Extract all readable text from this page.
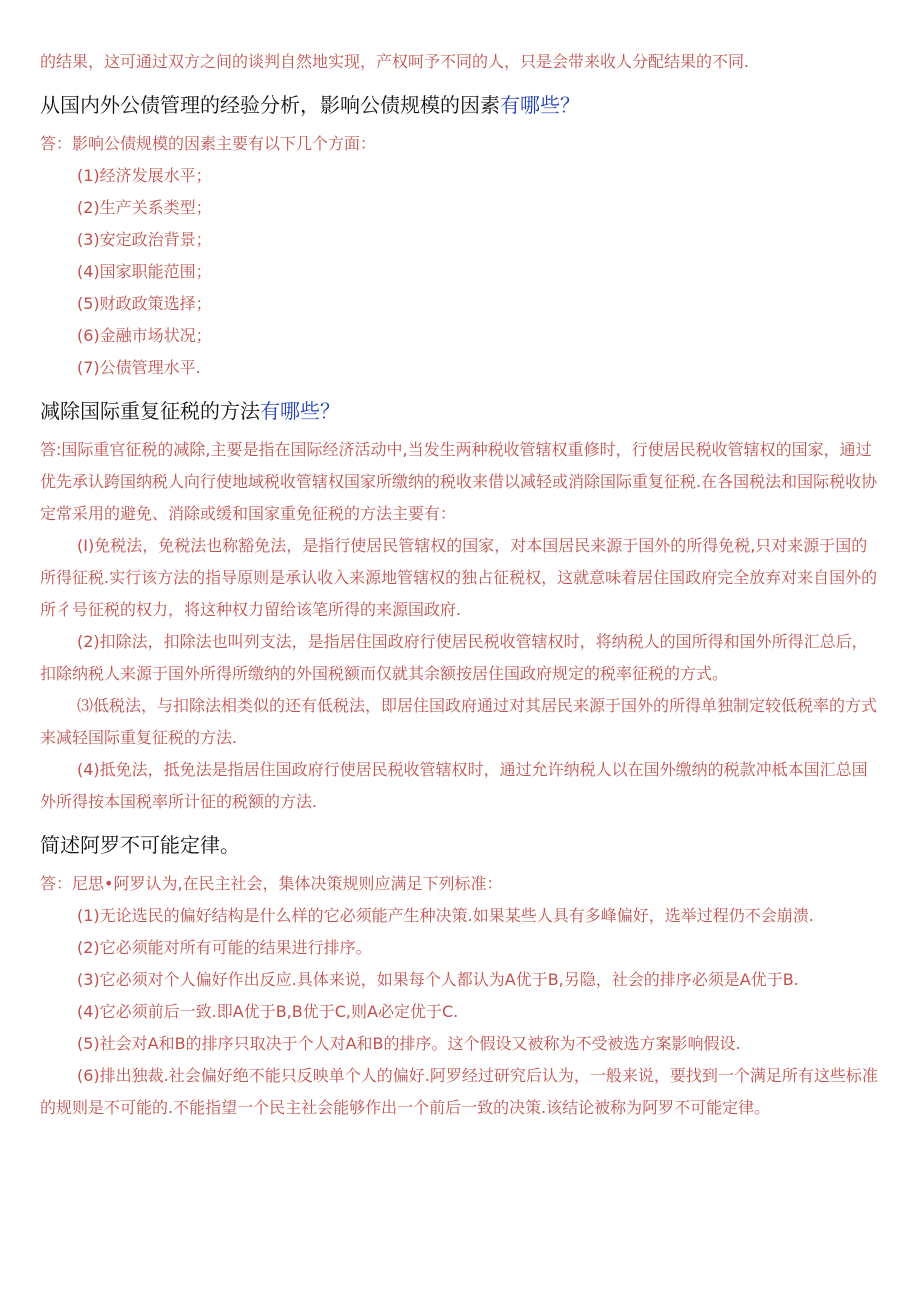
的结果，这可通过双方之间的谈判自然地实现，产权呵予不同的人，只是会带来收人分配结果的不同.

从国内外公债管理的经验分析，影响公债规模的因素有哪些？

答：影响公债规模的因素主要有以下几个方面：

(1)经济发展水平；

(2)生产关系类型；

(3)安定政治背景；

(4)国家职能范围；

(5)财政政策选择；

(6)金融市场状况；

(7)公债管理水平.

减除国际重复征税的方法有哪些？

答:国际重官征税的减除,主要是指在国际经济活动中,当发生两种税收管辖权重修时，行使居民税收管辖权的国家，通过优先承认跨国纳税人向行使地域税收管辖权国家所缴纳的税收来借以减轻或消除国际重复征税.在各国税法和国际税收协定常采用的避免、消除或缓和国家重免征税的方法主要有：

(I)免税法，免税法也称豁免法，是指行使居民管辖权的国家，对本国居民来源于国外的所得免税,只对来源于国的所得征税.实行该方法的指导原则是承认收入来源地管辖权的独占征税权，这就意味着居住国政府完全放弃对来自国外的所彳号征税的权力，将这种权力留给该笔所得的来源国政府.

(2)扣除法，扣除法也叫列支法，是指居住国政府行使居民税收管辖权时，将纳税人的国所得和国外所得汇总后，扣除纳税人来源于国外所得所缴纳的外国税额而仅就其余额按居住国政府规定的税率征税的方式。

⑶低税法，与扣除法相类似的还有低税法，即居住国政府通过对其居民来源于国外的所得单独制定较低税率的方式来减轻国际重复征税的方法.

(4)抵免法，抵免法是指居住国政府行使居民税收管辖权时，通过允许纳税人以在国外缴纳的税款冲柢本国汇总国外所得按本国税率所计征的税额的方法.

简述阿罗不可能定律。

答：尼思•阿罗认为,在民主社会，集体决策规则应满足下列标准：

(1)无论选民的偏好结构是什么样的它必须能产生种决策.如果某些人具有多峰偏好，选举过程仍不会崩溃.

(2)它必须能对所有可能的结果进行排序。

(3)它必须对个人偏好作出反应.具体来说，如果每个人都认为A优于B,另隐，社会的排序必须是A优于B.

(4)它必须前后一致.即A优于B,B优于C,则A必定优于C.

(5)社会对A和B的排序只取决于个人对A和B的排序。这个假设又被称为不受被选方案影响假设.

(6)排出独裁.社会偏好绝不能只反映单个人的偏好.阿罗经过研究后认为，一般来说，要找到一个满足所有这些标准的规则是不可能的.不能指望一个民主社会能够作出一个前后一致的决策.该结论被称为阿罗不可能定律。
